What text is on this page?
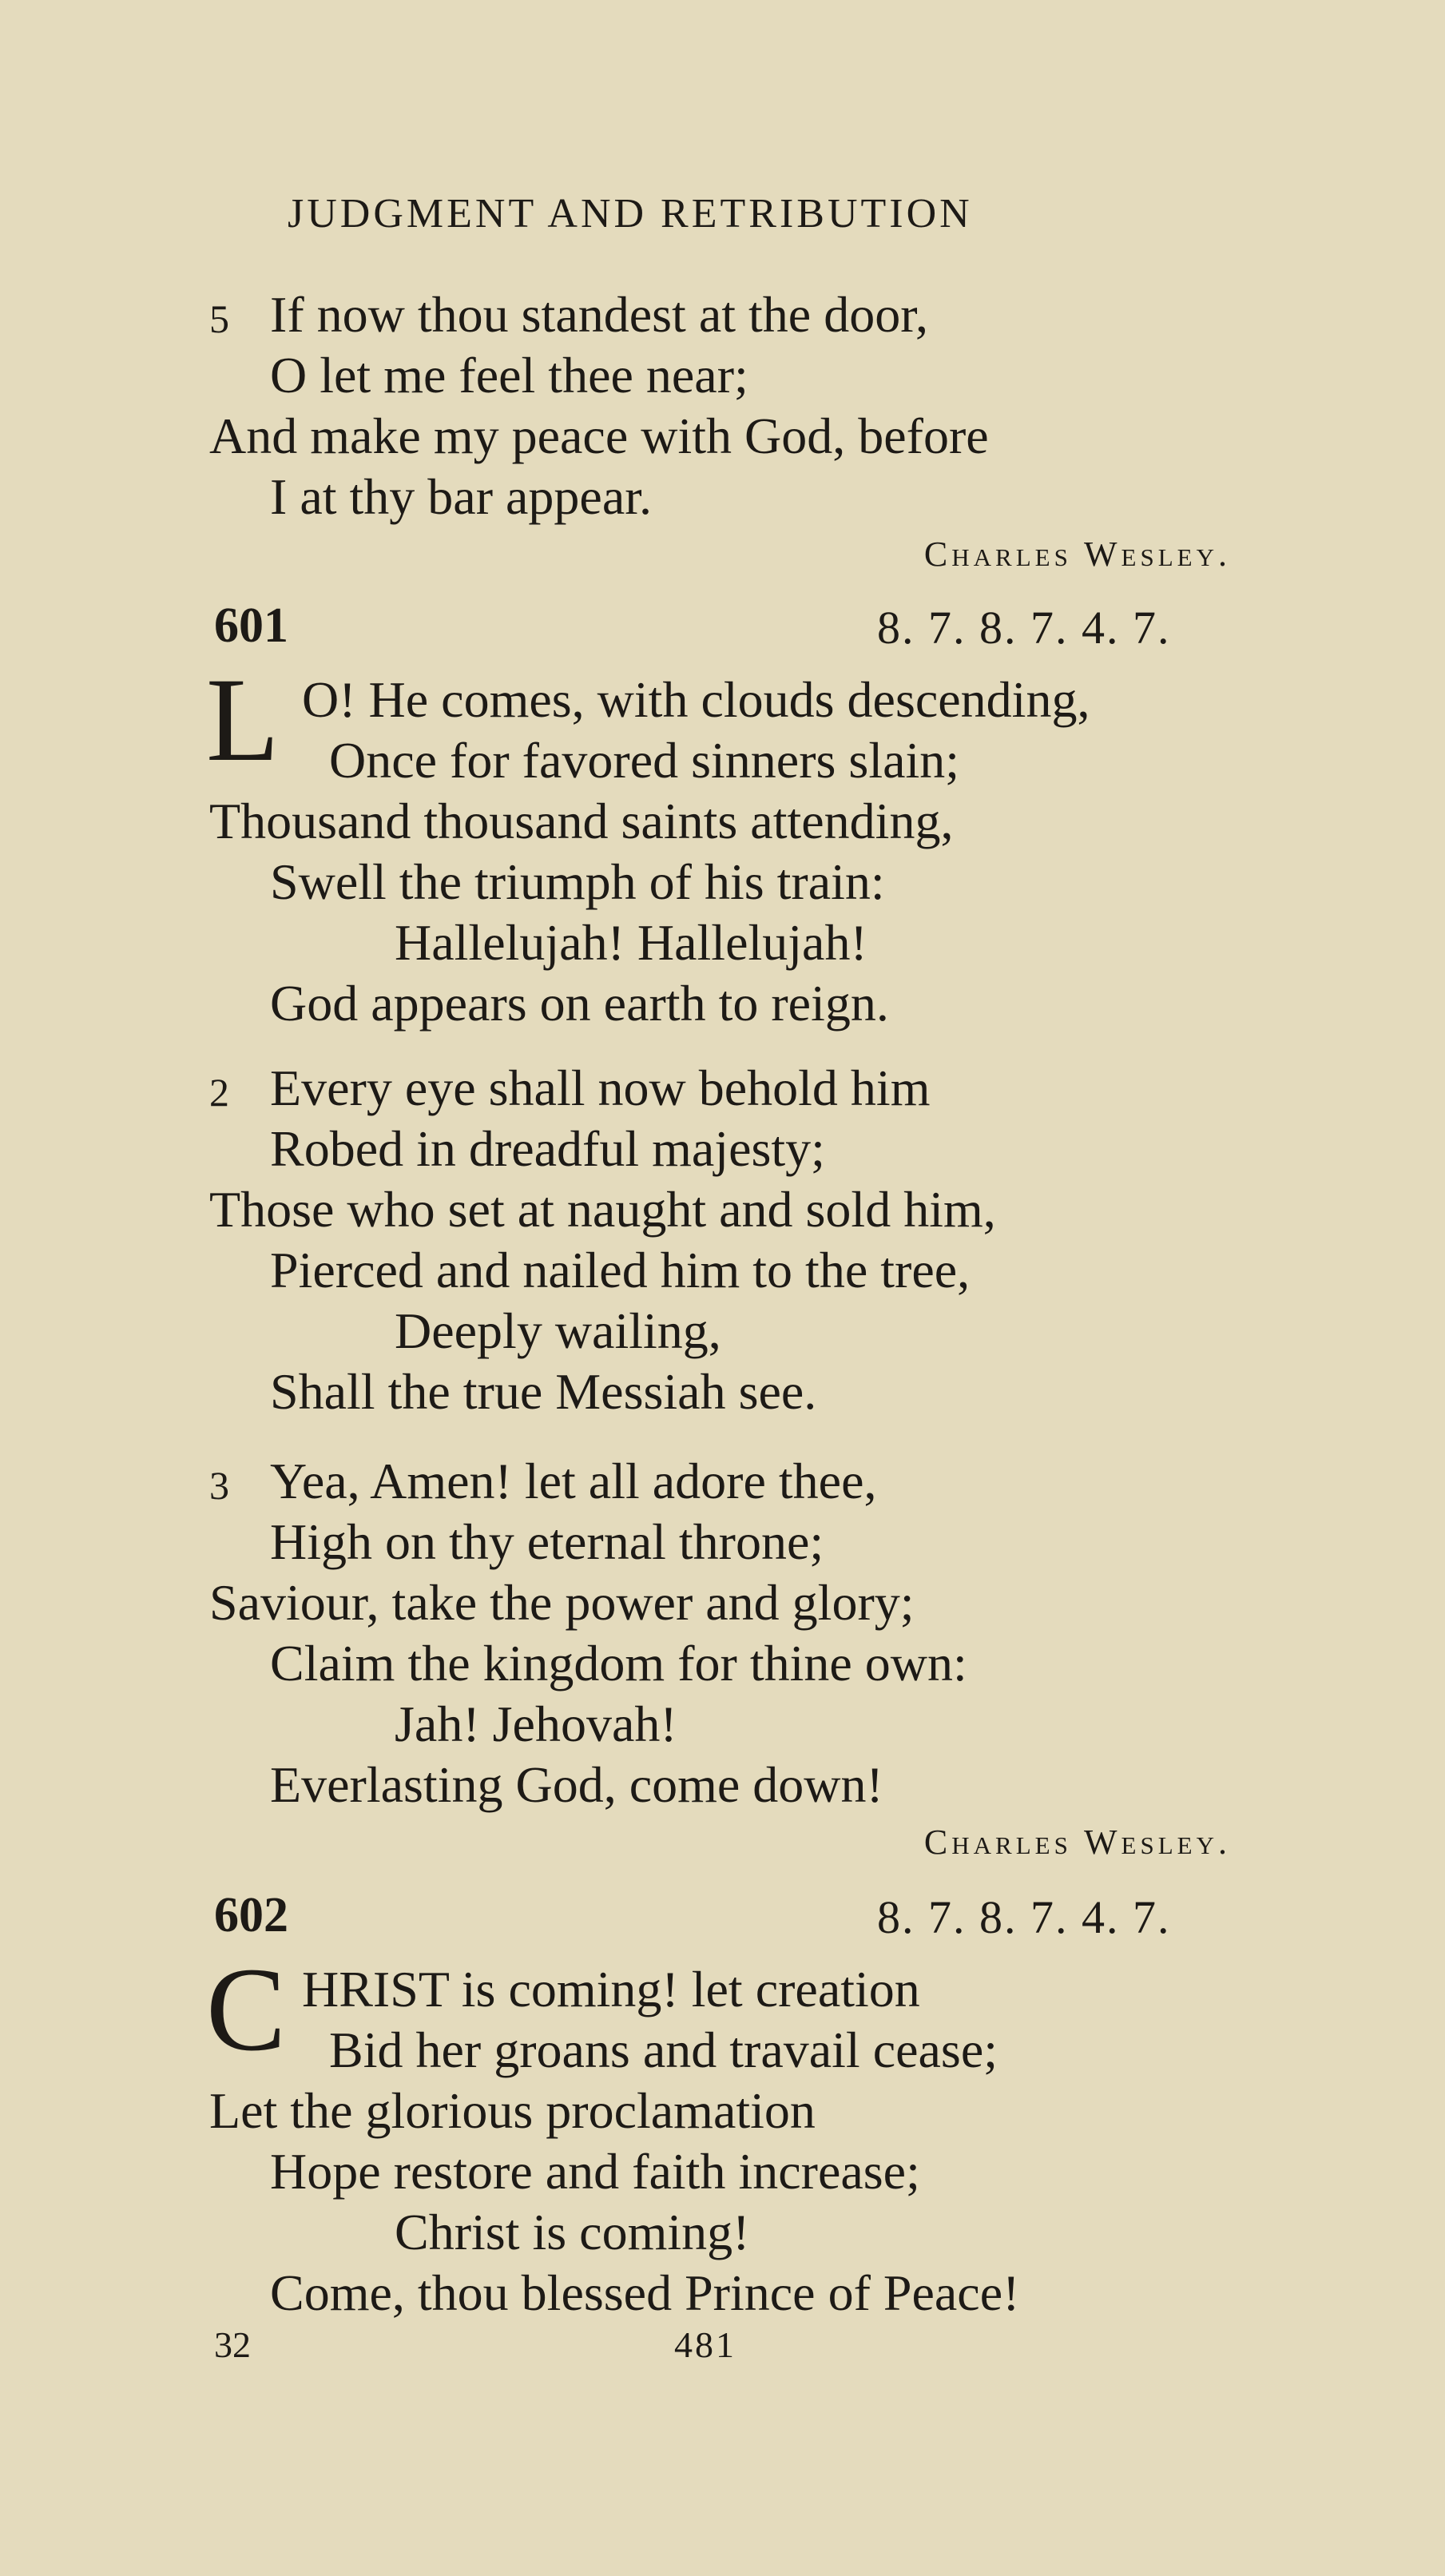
JUDGMENT AND RETRIBUTION
5 If now thou standest at the door,
O let me feel thee near;
And make my peace with God, before
I at thy bar appear.
Charles Wesley.
601	8. 7. 8. 7. 4. 7.
L O! He comes, with clouds descending,
Once for favored sinners slain;
Thousand thousand saints attending,
Swell the triumph of his train:
Hallelujah! Hallelujah!
God appears on earth to reign.
2 Every eye shall now behold him
Robed in dreadful majesty;
Those who set at naught and sold him,
Pierced and nailed him to the tree,
Deeply wailing,
Shall the true Messiah see.
3 Yea, Amen! let all adore thee,
High on thy eternal throne;
Saviour, take the power and glory;
Claim the kingdom for thine own:
Jah! Jehovah!
Everlasting God, come down!
Charles Wesley.
602	8. 7. 8. 7. 4. 7.
C HRIST is coming! let creation
Bid her groans and travail cease;
Let the glorious proclamation
Hope restore and faith increase;
Christ is coming!
Come, thou blessed Prince of Peace!
32	481
